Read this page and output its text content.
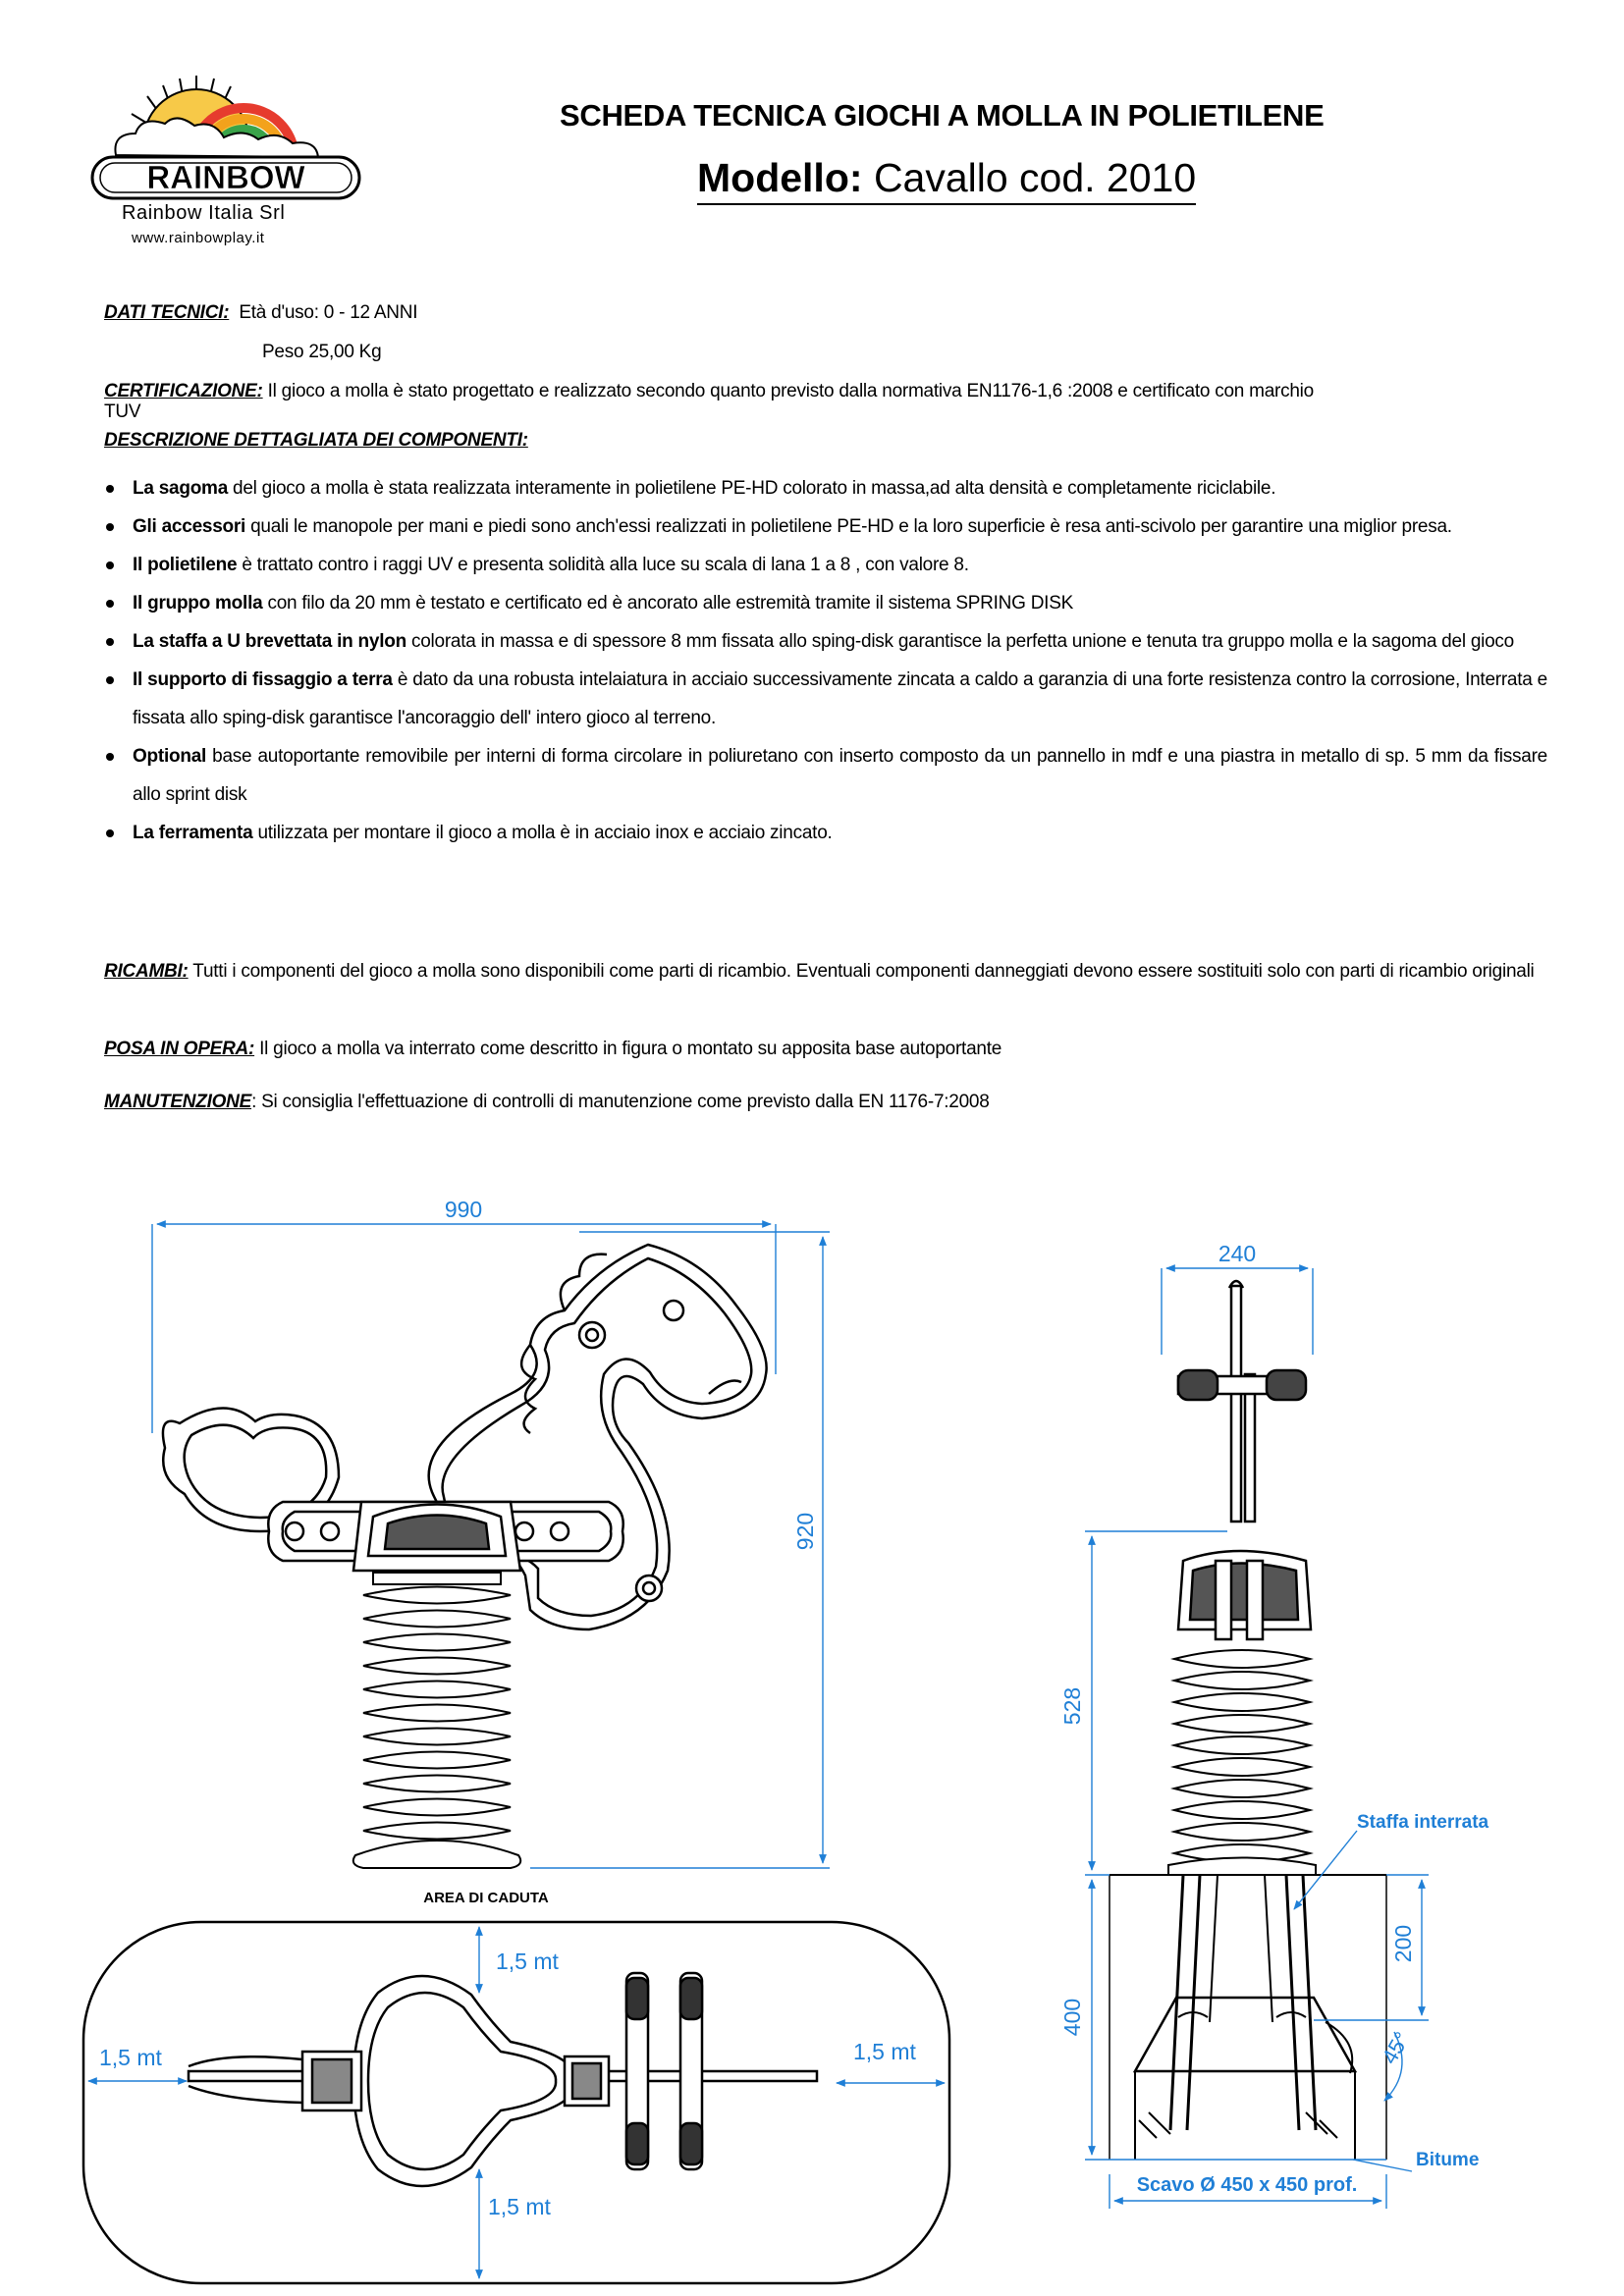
RAINBOW
Rainbow Italia Srl
www.rainbowplay.it
SCHEDA TECNICA GIOCHI A MOLLA IN POLIETILENE
Modello: Cavallo cod. 2010
DATI TECNICI: Età d'uso: 0 - 12 ANNI
Peso 25,00 Kg
CERTIFICAZIONE: Il gioco a molla è stato progettato e realizzato secondo quanto previsto dalla normativa EN1176-1,6 :2008 e certificato con marchio
TUV
DESCRIZIONE DETTAGLIATA DEI COMPONENTI:
La sagoma del gioco a molla è stata realizzata interamente in polietilene PE-HD colorato in massa,ad alta densità e completamente riciclabile.
Gli accessori quali le manopole per mani e piedi sono anch'essi realizzati in polietilene PE-HD e la loro superficie è resa anti-scivolo per garantire una miglior presa.
Il polietilene è trattato contro i raggi UV e presenta solidità alla luce su scala di lana 1 a 8 , con valore 8.
Il gruppo molla con filo da 20 mm è testato e certificato ed è ancorato alle estremità tramite il sistema SPRING DISK
La staffa a U brevettata in nylon colorata in massa e di spessore 8 mm fissata allo sping-disk garantisce la perfetta unione e tenuta tra gruppo molla e la sagoma del gioco
Il supporto di fissaggio a terra è dato da una robusta intelaiatura in acciaio successivamente zincata a caldo a garanzia di una forte resistenza contro la corrosione, Interrata e fissata allo sping-disk garantisce l'ancoraggio dell' intero gioco al terreno.
Optional base autoportante removibile per interni di forma circolare in poliuretano con inserto composto da un pannello in mdf e una piastra in metallo di sp. 5 mm da fissare allo sprint disk
La ferramenta utilizzata per montare il gioco a molla è in acciaio inox e acciaio zincato.
RICAMBI: Tutti i componenti del gioco a molla sono disponibili come parti di ricambio. Eventuali componenti danneggiati devono essere sostituiti solo con parti di ricambio originali
POSA IN OPERA: Il gioco a molla va interrato come descritto in figura o montato su apposita base autoportante
MANUTENZIONE: Si consiglia l'effettuazione di controlli di manutenzione come previsto dalla EN 1176-7:2008
990
920
240
528
400
200
45°
Staffa interrata
Bitume
Scavo Ø 450 x 450 prof.
AREA DI CADUTA
1,5 mt
1,5 mt
1,5 mt	1,5 mt
